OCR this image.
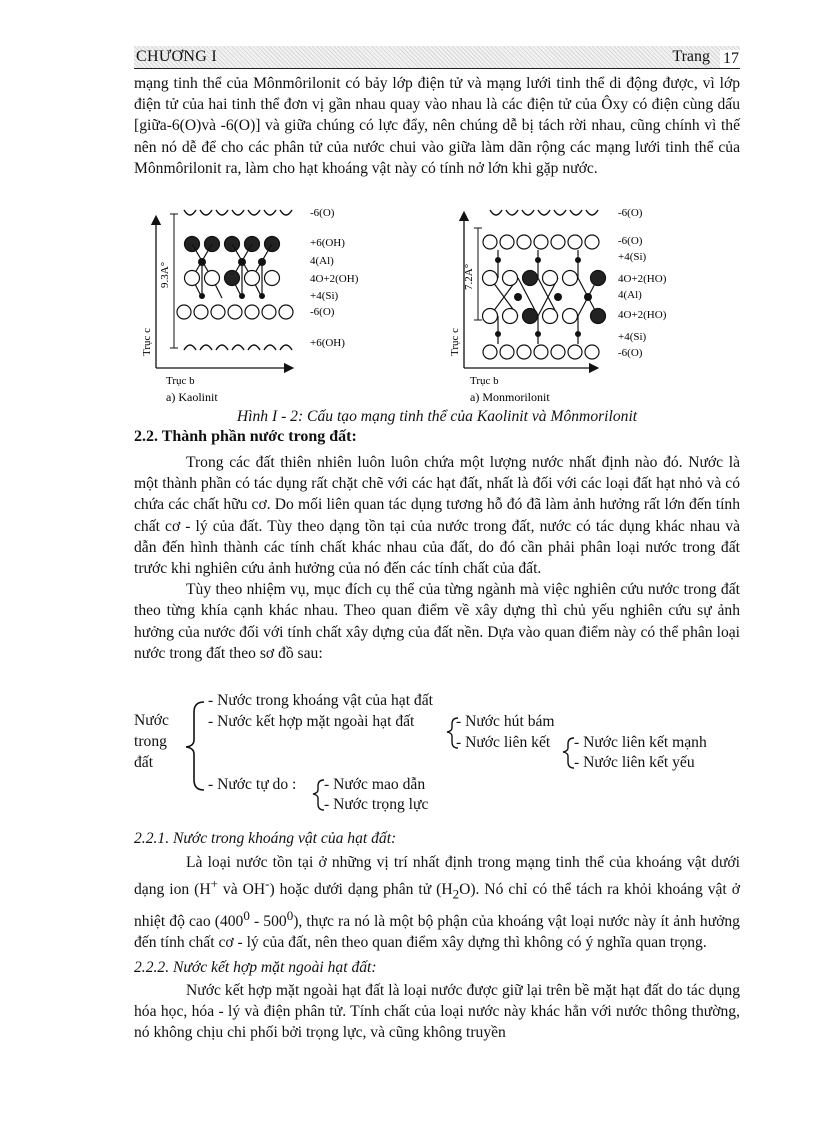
CHƯƠNG I	Trang 17

mạng tinh thể của Mônmôrilonit có bảy lớp điện tử và mạng lưới tinh thể di động được, vì lớp điện tử của hai tinh thể đơn vị gần nhau quay vào nhau là các điện tử của Ôxy có điện cùng dấu [giữa-6(O)và -6(O)] và giữa chúng có lực đẩy, nên chúng dễ bị tách rời nhau, cũng chính vì thế nên nó dễ để cho các phân tử của nước chui vào giữa làm dãn rộng các mạng lưới tinh thể của Mônmôrilonit ra, làm cho hạt khoáng vật này có tính nở lớn khi gặp nước.

-6(O)
+6(OH)
4(Al)
4O+2(OH)
+4(Si)
-6(O)
+6(OH)
9.3A°
Trục c
Trục b
a) Kaolinit
-6(O)
-6(O)
+4(Si)
4O+2(HO)
4(Al)
4O+2(HO)
+4(Si)
-6(O)
7.2A°
Trục c
Trục b
a) Monmorilonit
Hình I - 2: Cấu tạo mạng tinh thể của Kaolinit và Mônmorilonit
2.2. Thành phần nước trong đất:

Trong các đất thiên nhiên luôn luôn chứa một lượng nước nhất định nào đó. Nước là một thành phần có tác dụng rất chặt chẽ với các hạt đất, nhất là đối với các loại đất hạt nhỏ và có chứa các chất hữu cơ. Do mối liên quan tác dụng tương hỗ đó đã làm ảnh hưởng rất lớn đến tính chất cơ - lý của đất. Tùy theo dạng tồn tại của nước trong đất, nước có tác dụng khác nhau và dẫn đến hình thành các tính chất khác nhau của đất, do đó cần phải phân loại nước trong đất trước khi nghiên cứu ảnh hưởng của nó đến các tính chất của đất.

Tùy theo nhiệm vụ, mục đích cụ thể của từng ngành mà việc nghiên cứu nước trong đất theo từng khía cạnh khác nhau. Theo quan điểm về xây dựng thì chủ yếu nghiên cứu sự ảnh hưởng của nước đối với tính chất xây dựng của đất nền. Dựa vào quan điểm này có thể phân loại nước trong đất theo sơ đồ sau:

Nước
trong
đất
- Nước trong khoáng vật của hạt đất
- Nước kết hợp mặt ngoài hạt đất	- Nước hút bám
- Nước liên kết - Nước liên kết mạnh
- Nước liên kết yếu
- Nước tự do : - Nước mao dẫn
- Nước trọng lực
2.2.1. Nước trong khoáng vật của hạt đất:

Là loại nước tồn tại ở những vị trí nhất định trong mạng tinh thể của khoáng vật dưới dạng ion (H+ và OH-) hoặc dưới dạng phân tử $(H_2O)$. Nó chỉ có thể tách ra khỏi khoáng vật ở nhiệt độ cao $(400^0 - 500^0)$, thực ra nó là một bộ phận của khoáng vật loại nước này ít ảnh hưởng đến tính chất cơ - lý của đất, nên theo quan điểm xây dựng thì không có ý nghĩa quan trọng.

2.2.2. Nước kết hợp mặt ngoài hạt đất:

Nước kết hợp mặt ngoài hạt đất là loại nước được giữ lại trên bề mặt hạt đất do tác dụng hóa học, hóa - lý và điện phân tử. Tính chất của loại nước này khác hẳn với nước thông thường, nó không chịu chi phối bởi trọng lực, và cũng không truyền
